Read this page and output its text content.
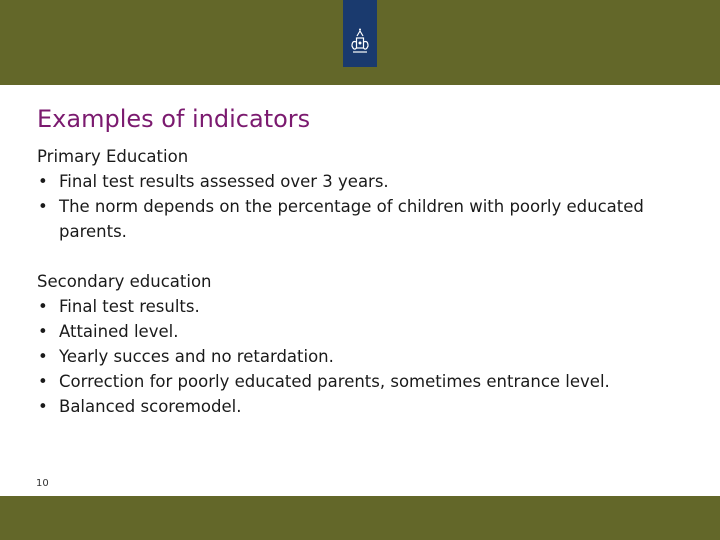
Examples of indicators

Primary Education

• Final test results assessed over 3 years.
• The norm depends on the percentage of children with poorly educated parents.

Secondary education

• Final test results.
• Attained level.
• Yearly succes and no retardation.
• Correction for poorly educated parents, sometimes entrance level.
• Balanced scoremodel.
10
